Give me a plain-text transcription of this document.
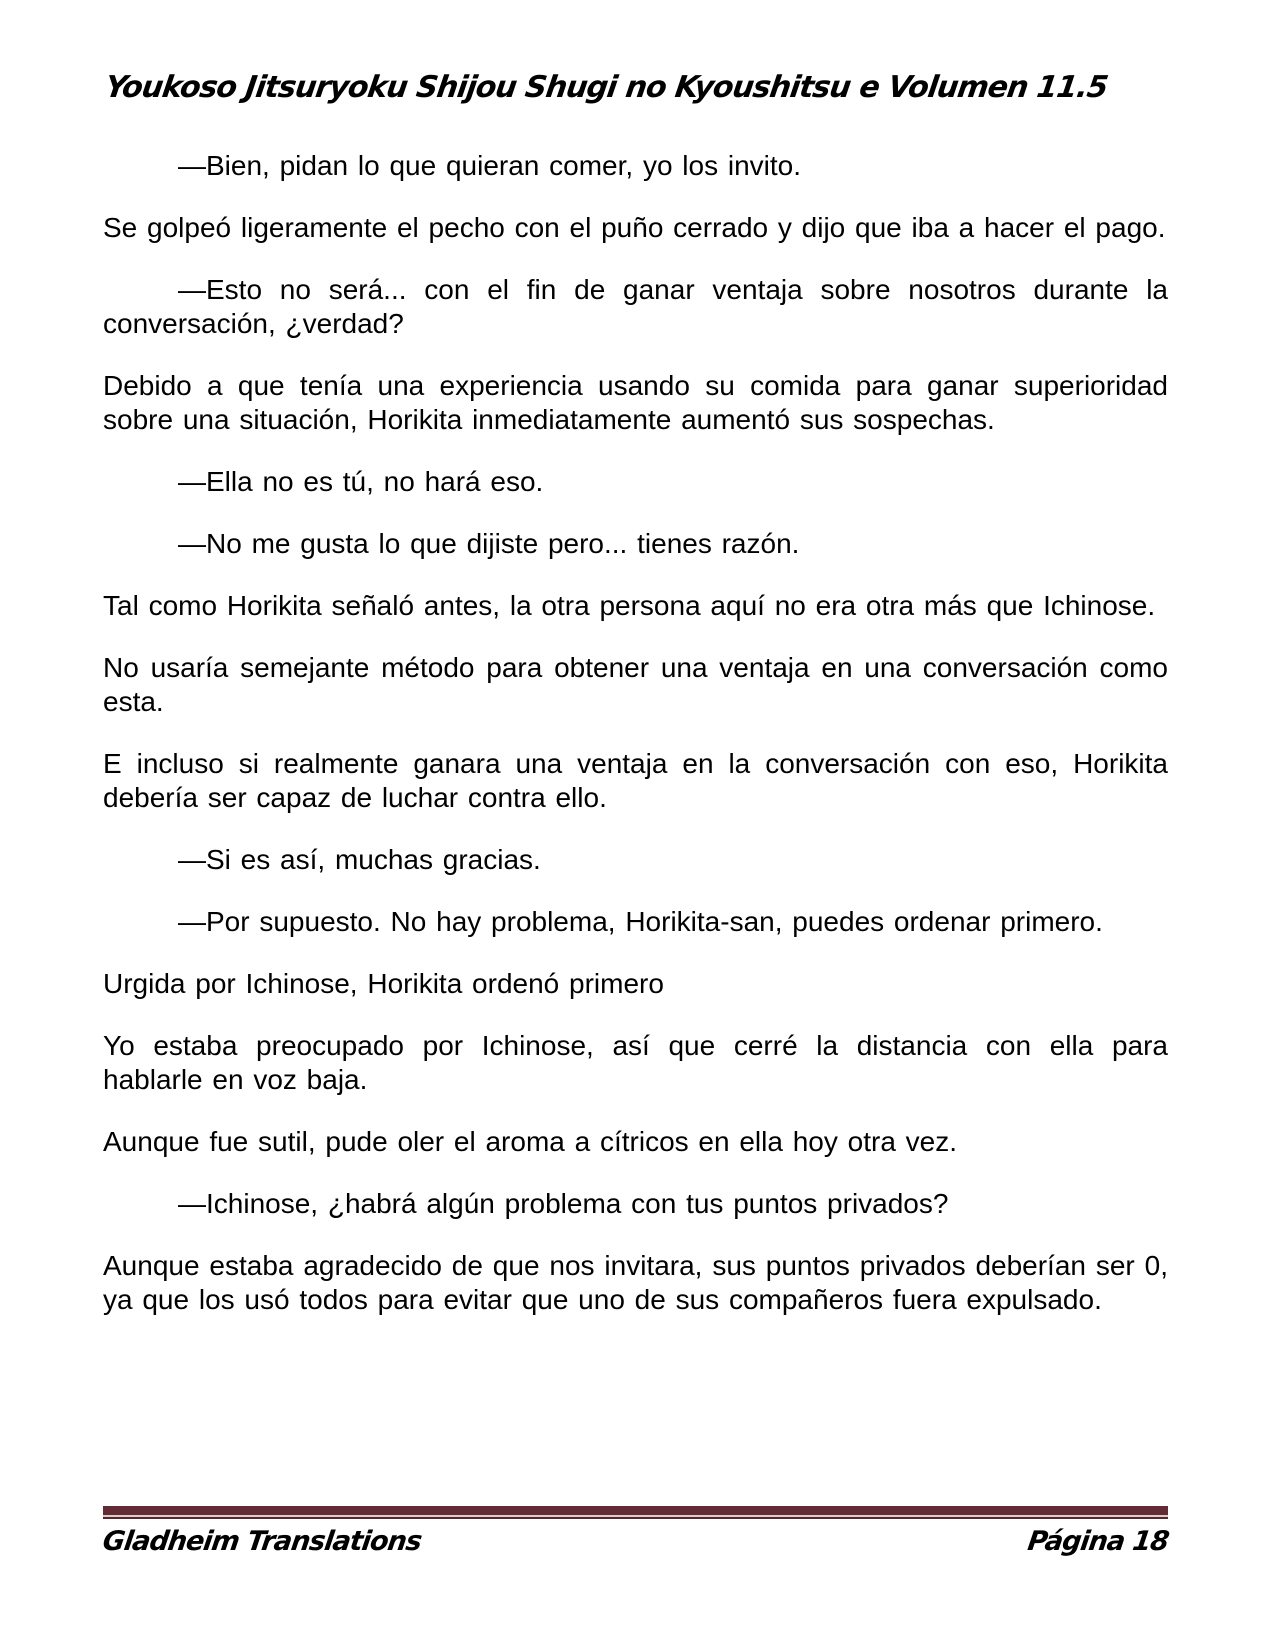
Youkoso Jitsuryoku Shijou Shugi no Kyoushitsu e Volumen 11.5

—Bien, pidan lo que quieran comer, yo los invito.

Se golpeó ligeramente el pecho con el puño cerrado y dijo que iba a hacer el pago.

—Esto no será... con el fin de ganar ventaja sobre nosotros durante la conversación, ¿verdad?

Debido a que tenía una experiencia usando su comida para ganar superioridad sobre una situación, Horikita inmediatamente aumentó sus sospechas.

—Ella no es tú, no hará eso.

—No me gusta lo que dijiste pero... tienes razón.

Tal como Horikita señaló antes, la otra persona aquí no era otra más que Ichinose.

No usaría semejante método para obtener una ventaja en una conversación como esta.

E incluso si realmente ganara una ventaja en la conversación con eso, Horikita debería ser capaz de luchar contra ello.

—Si es así, muchas gracias.

—Por supuesto. No hay problema, Horikita-san, puedes ordenar primero.

Urgida por Ichinose, Horikita ordenó primero

Yo estaba preocupado por Ichinose, así que cerré la distancia con ella para hablarle en voz baja.

Aunque fue sutil, pude oler el aroma a cítricos en ella hoy otra vez.

—Ichinose, ¿habrá algún problema con tus puntos privados?

Aunque estaba agradecido de que nos invitara, sus puntos privados deberían ser 0, ya que los usó todos para evitar que uno de sus compañeros fuera expulsado.

Gladheim Translations	Página 18
